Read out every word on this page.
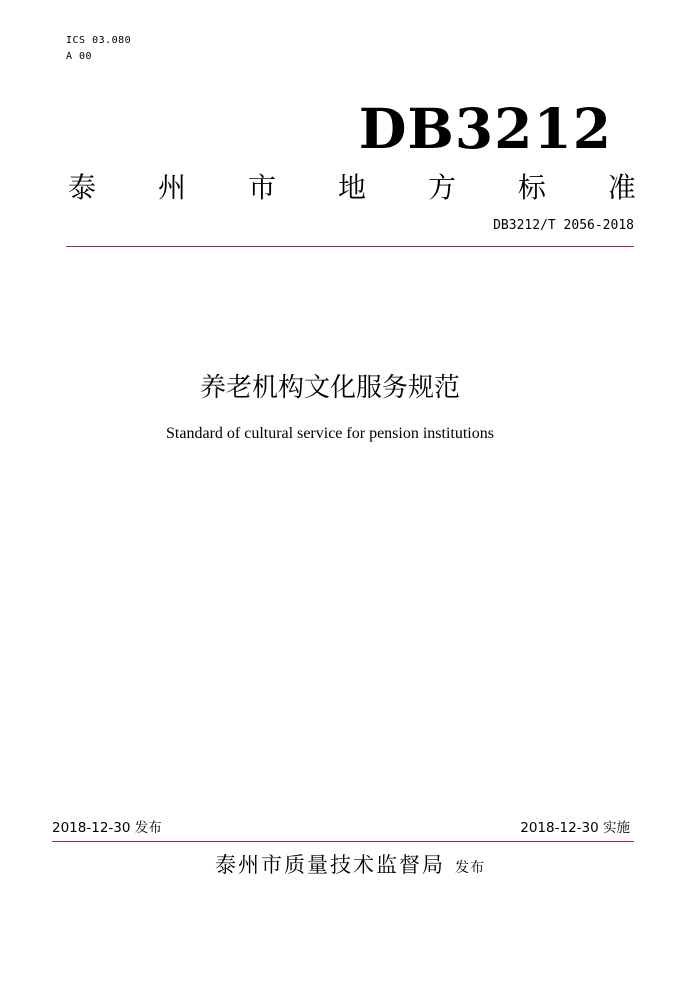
ICS 03.080
A 00
DB3212
泰 州 市 地 方 标 准
DB3212/T 2056-2018
养老机构文化服务规范
Standard of cultural service for pension institutions
2018-12-30 发布	2018-12-30 实施
泰州市质量技术监督局 发布
